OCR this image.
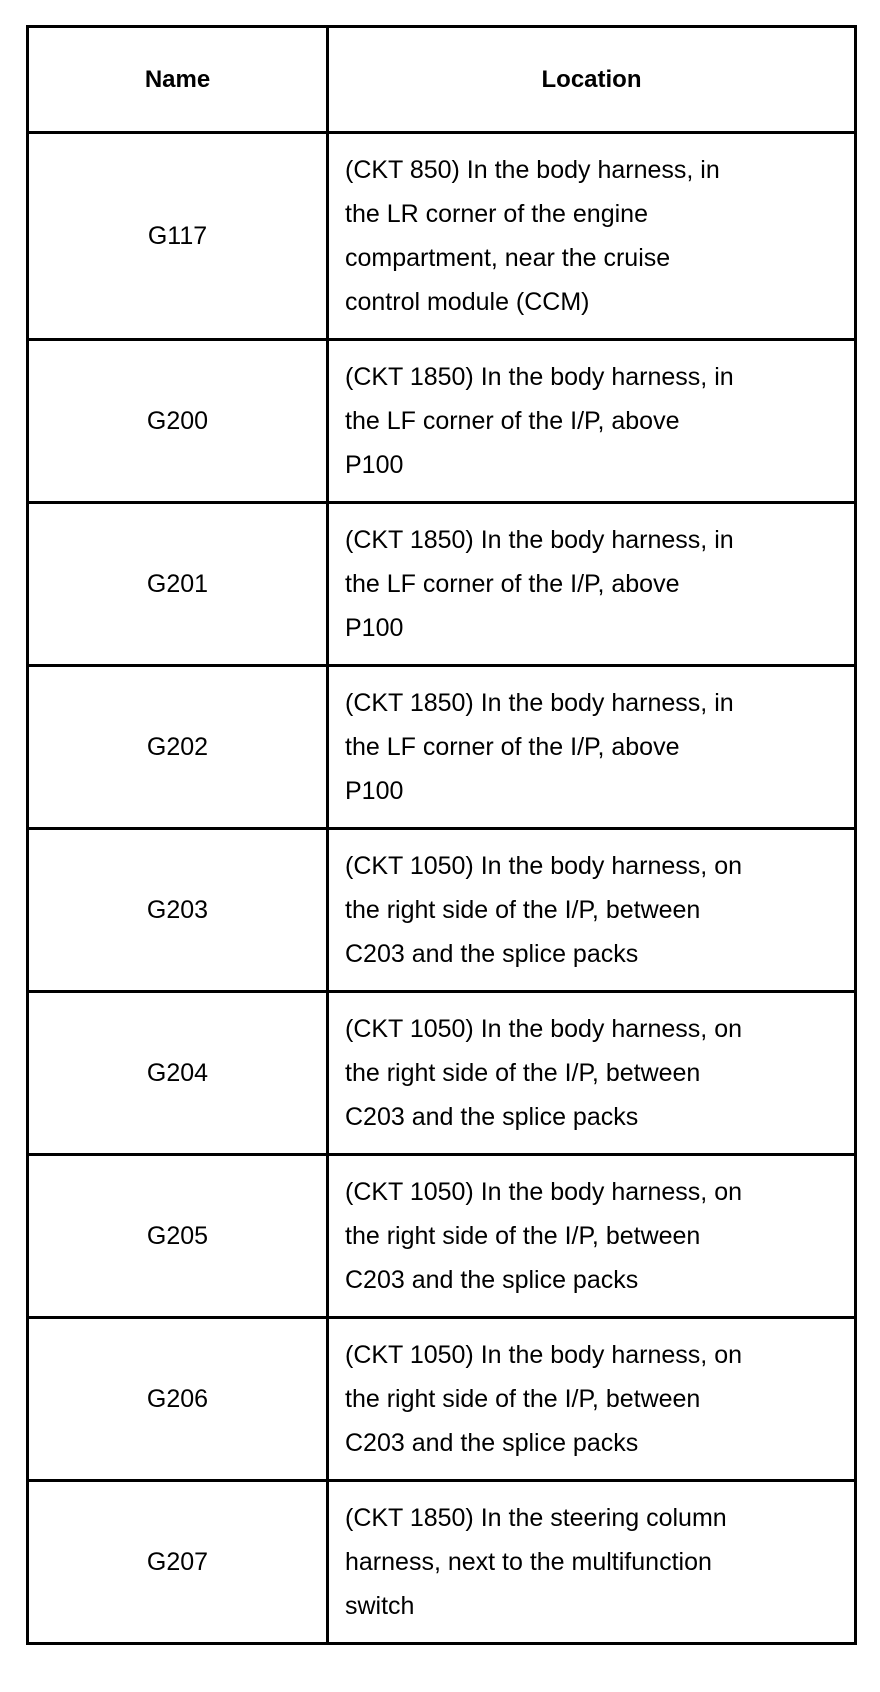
Name	Location
G117	(CKT 850) In the body harness, in
the LR corner of the engine
compartment, near the cruise
control module (CCM)

G200	(CKT 1850) In the body harness, in
the LF corner of the I/P, above
P100

G201	(CKT 1850) In the body harness, in
the LF corner of the I/P, above
P100

G202	(CKT 1850) In the body harness, in
the LF corner of the I/P, above
P100

G203	(CKT 1050) In the body harness, on
the right side of the I/P, between
C203 and the splice packs

G204	(CKT 1050) In the body harness, on
the right side of the I/P, between
C203 and the splice packs

G205	(CKT 1050) In the body harness, on
the right side of the I/P, between
C203 and the splice packs

G206	(CKT 1050) In the body harness, on
the right side of the I/P, between
C203 and the splice packs

G207	(CKT 1850) In the steering column
harness, next to the multifunction
switch
